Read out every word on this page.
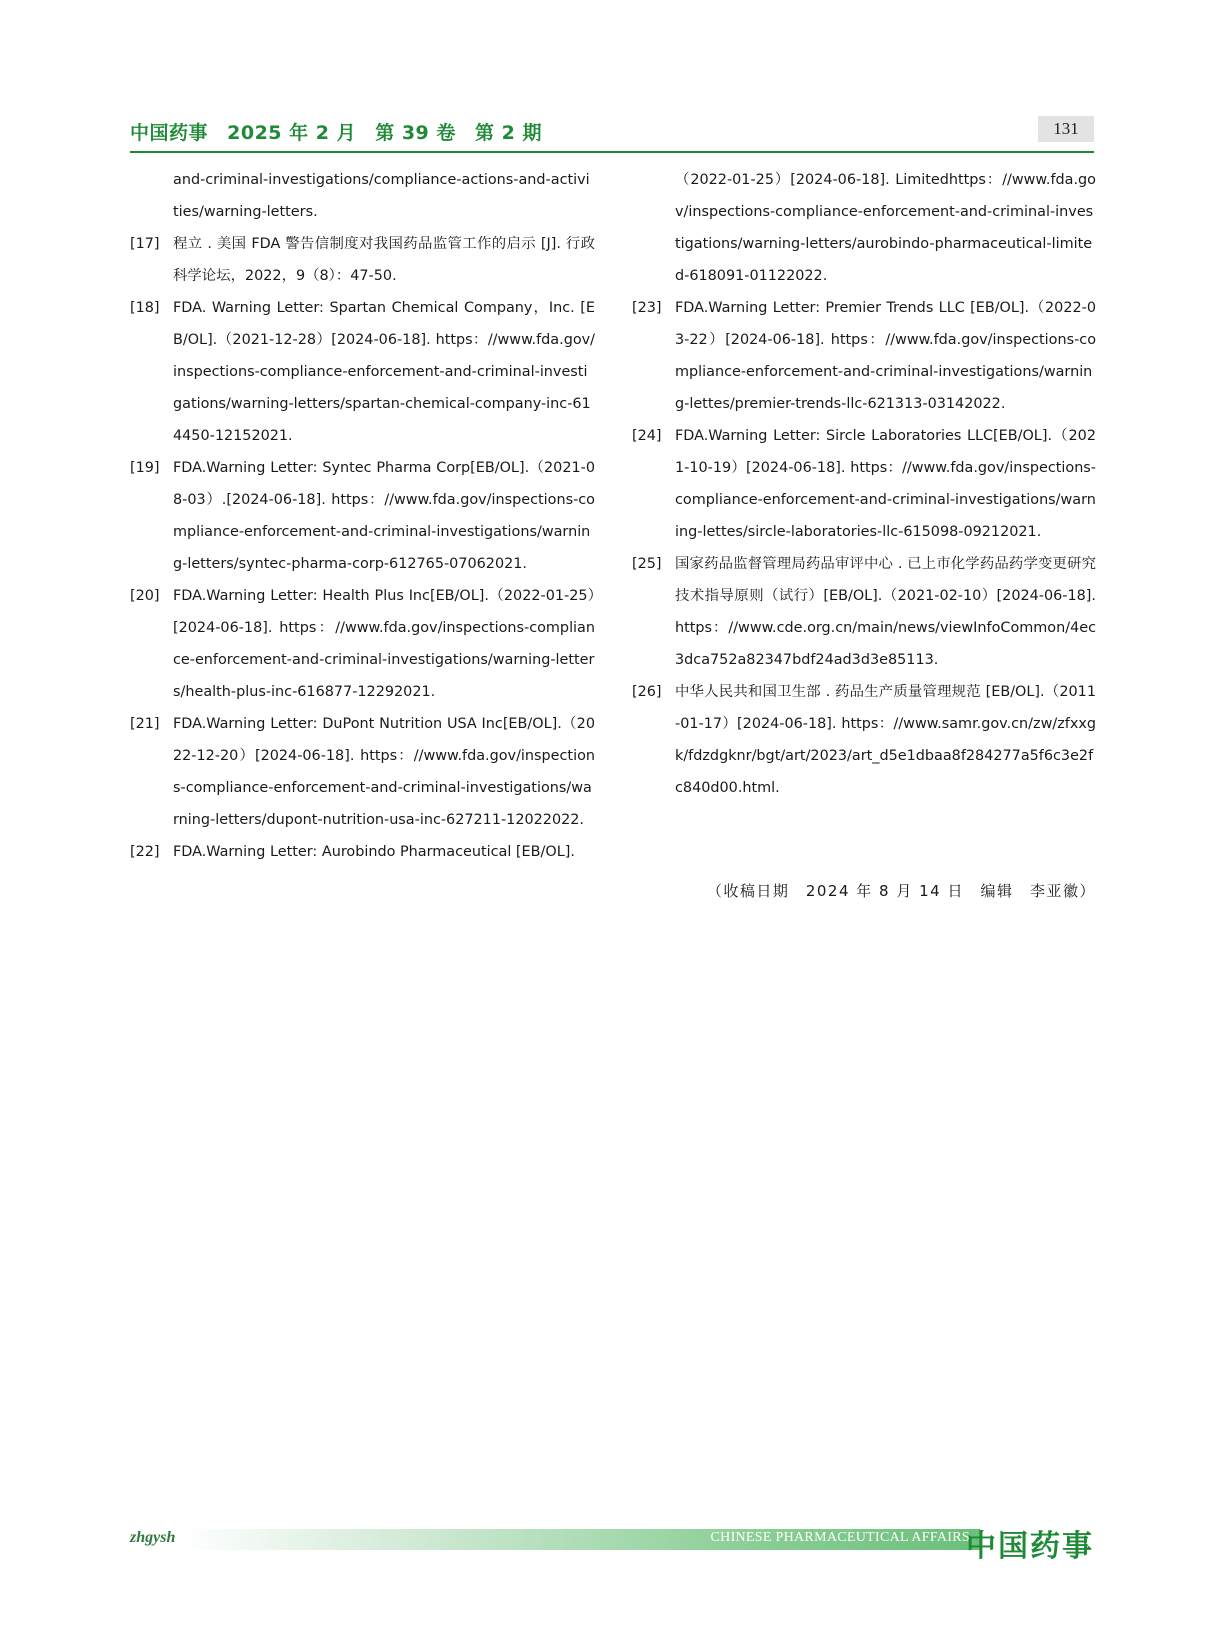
中国药事 2025 年 2 月 第 39 卷 第 2 期	131

and-criminal-investigations/compliance-actions-and-activities/warning-letters.

[17] 程立 . 美国 FDA 警告信制度对我国药品监管工作的启示 [J]. 行政科学论坛，2022，9（8）：47-50.

[18] FDA. Warning Letter: Spartan Chemical Company，Inc. [EB/OL].（2021-12-28）[2024-06-18]. https：//www.fda.gov/inspections-compliance-enforcement-and-criminal-investigations/warning-letters/spartan-chemical-company-inc-614450-12152021.

[19] FDA.Warning Letter: Syntec Pharma Corp[EB/OL].（2021-08-03）.[2024-06-18]. https：//www.fda.gov/inspections-compliance-enforcement-and-criminal-investigations/warning-letters/syntec-pharma-corp-612765-07062021.

[20] FDA.Warning Letter: Health Plus Inc[EB/OL].（2022-01-25）[2024-06-18]. https：//www.fda.gov/inspections-compliance-enforcement-and-criminal-investigations/warning-letters/health-plus-inc-616877-12292021.

[21] FDA.Warning Letter: DuPont Nutrition USA Inc[EB/OL].（2022-12-20）[2024-06-18]. https：//www.fda.gov/inspections-compliance-enforcement-and-criminal-investigations/warning-letters/dupont-nutrition-usa-inc-627211-12022022.

[22] FDA.Warning Letter: Aurobindo Pharmaceutical [EB/OL].

（2022-01-25）[2024-06-18]. Limitedhttps：//www.fda.gov/inspections-compliance-enforcement-and-criminal-investigations/warning-letters/aurobindo-pharmaceutical-limited-618091-01122022.

[23] FDA.Warning Letter: Premier Trends LLC [EB/OL].（2022-03-22）[2024-06-18]. https：//www.fda.gov/inspections-compliance-enforcement-and-criminal-investigations/warning-lettes/premier-trends-llc-621313-03142022.

[24] FDA.Warning Letter: Sircle Laboratories LLC[EB/OL].（2021-10-19）[2024-06-18]. https：//www.fda.gov/inspections-compliance-enforcement-and-criminal-investigations/warning-lettes/sircle-laboratories-llc-615098-09212021.

[25] 国家药品监督管理局药品审评中心 . 已上市化学药品药学变更研究技术指导原则（试行）[EB/OL].（2021-02-10）[2024-06-18]. https：//www.cde.org.cn/main/news/viewInfoCommon/4ec3dca752a82347bdf24ad3d3e85113.

[26] 中华人民共和国卫生部 . 药品生产质量管理规范 [EB/OL].（2011-01-17）[2024-06-18]. https：//www.samr.gov.cn/zw/zfxxgk/fdzdgknr/bgt/art/2023/art_d5e1dbaa8f284277a5f6c3e2fc840d00.html.

（收稿日期　2024 年 8 月 14 日　编辑　李亚徽）
zhgysh	CHINESE PHARMACEUTICAL AFFAIRS
中国药事
